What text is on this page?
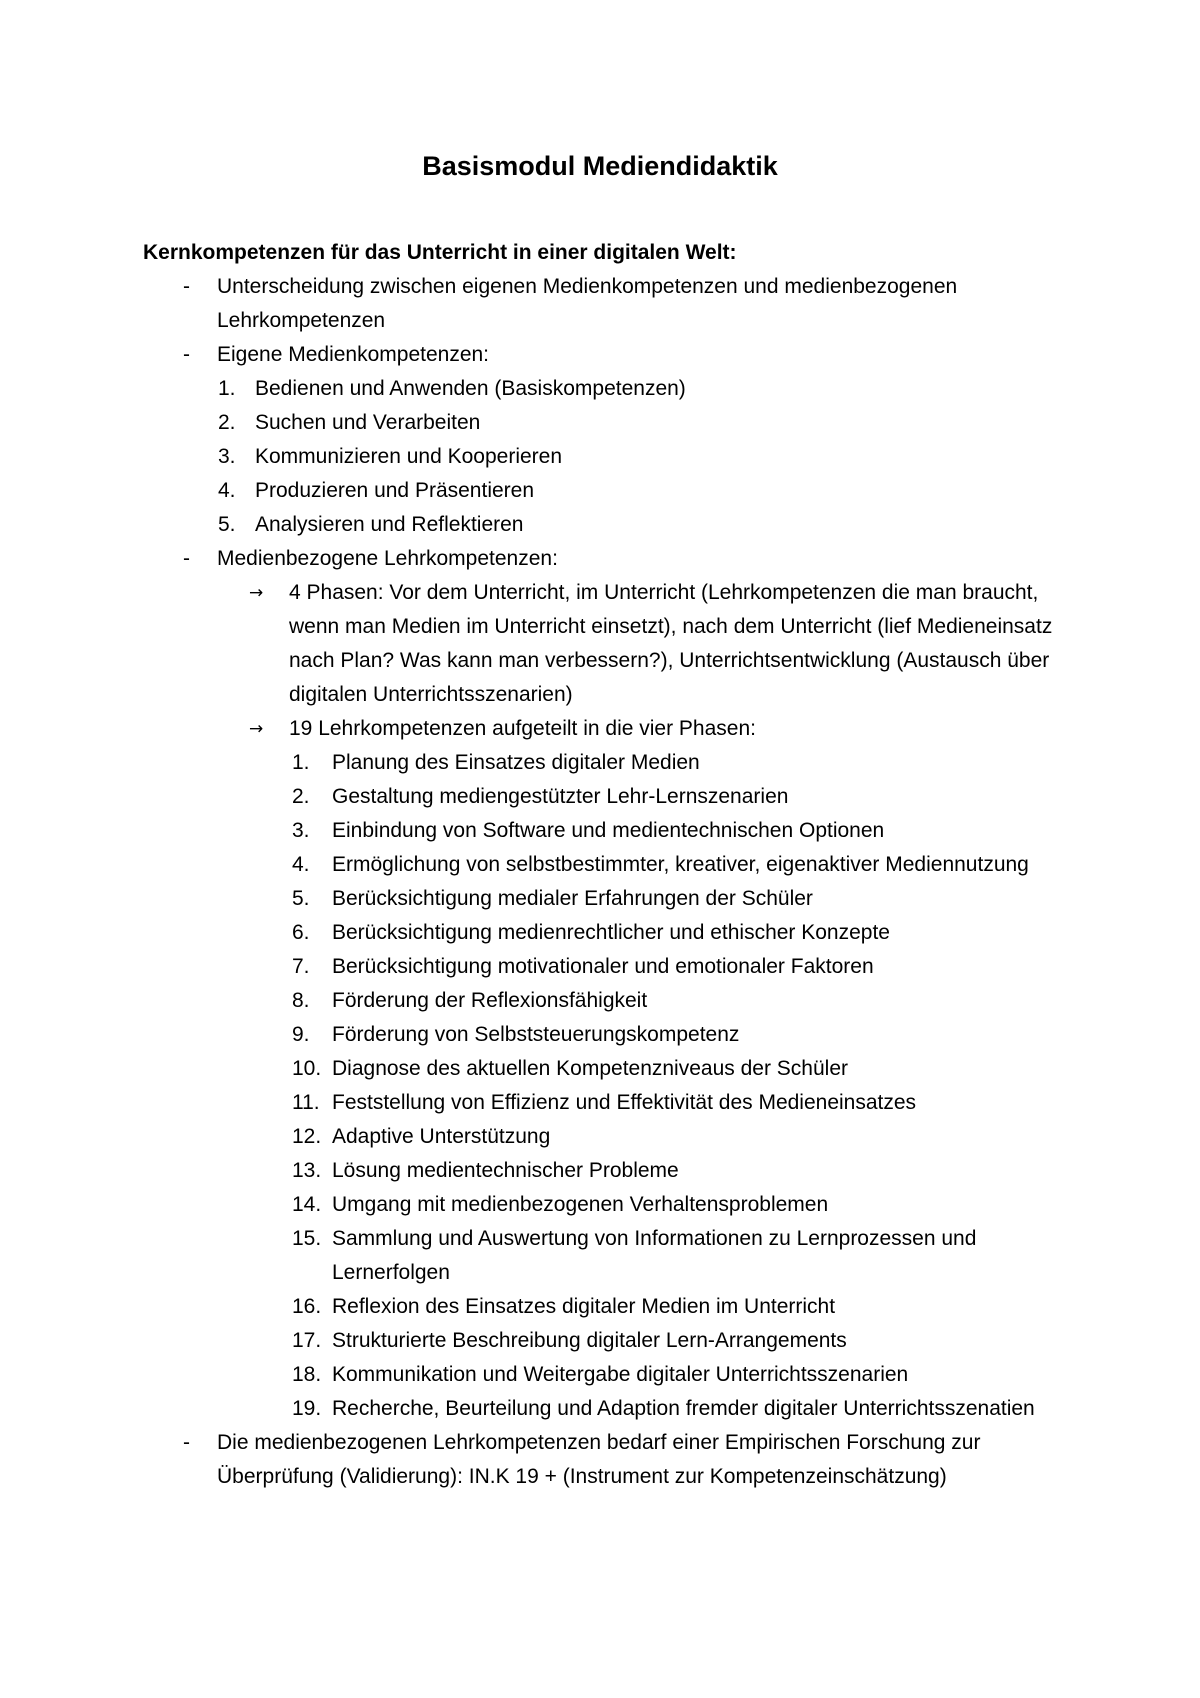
Basismodul Mediendidaktik

Kernkompetenzen für das Unterricht in einer digitalen Welt:

-	Unterscheidung zwischen eigenen Medienkompetenzen und medienbezogenen Lehrkompetenzen
-	Eigene Medienkompetenzen:
1. Bedienen und Anwenden (Basiskompetenzen)
2. Suchen und Verarbeiten
3. Kommunizieren und Kooperieren
4. Produzieren und Präsentieren
5. Analysieren und Reflektieren
-	Medienbezogene Lehrkompetenzen:
→	4 Phasen: Vor dem Unterricht, im Unterricht (Lehrkompetenzen die man braucht, wenn man Medien im Unterricht einsetzt), nach dem Unterricht (lief Medieneinsatz nach Plan? Was kann man verbessern?), Unterrichtsentwicklung (Austausch über digitalen Unterrichtsszenarien)
→	19 Lehrkompetenzen aufgeteilt in die vier Phasen:
1.	Planung des Einsatzes digitaler Medien
2.	Gestaltung mediengestützter Lehr-Lernszenarien
3.	Einbindung von Software und medientechnischen Optionen
4.	Ermöglichung von selbstbestimmter, kreativer, eigenaktiver Mediennutzung
5.	Berücksichtigung medialer Erfahrungen der Schüler
6.	Berücksichtigung medienrechtlicher und ethischer Konzepte
7.	Berücksichtigung motivationaler und emotionaler Faktoren
8.	Förderung der Reflexionsfähigkeit
9.	Förderung von Selbststeuerungskompetenz
10. Diagnose des aktuellen Kompetenzniveaus der Schüler
11. Feststellung von Effizienz und Effektivität des Medieneinsatzes
12. Adaptive Unterstützung
13. Lösung medientechnischer Probleme
14. Umgang mit medienbezogenen Verhaltensproblemen
15. Sammlung und Auswertung von Informationen zu Lernprozessen und Lernerfolgen
16. Reflexion des Einsatzes digitaler Medien im Unterricht
17. Strukturierte Beschreibung digitaler Lern-Arrangements
18. Kommunikation und Weitergabe digitaler Unterrichtsszenarien
19. Recherche, Beurteilung und Adaption fremder digitaler Unterrichtsszenatien
-	Die medienbezogenen Lehrkompetenzen bedarf einer Empirischen Forschung zur Überprüfung (Validierung): IN.K 19 + (Instrument zur Kompetenzeinschätzung)
